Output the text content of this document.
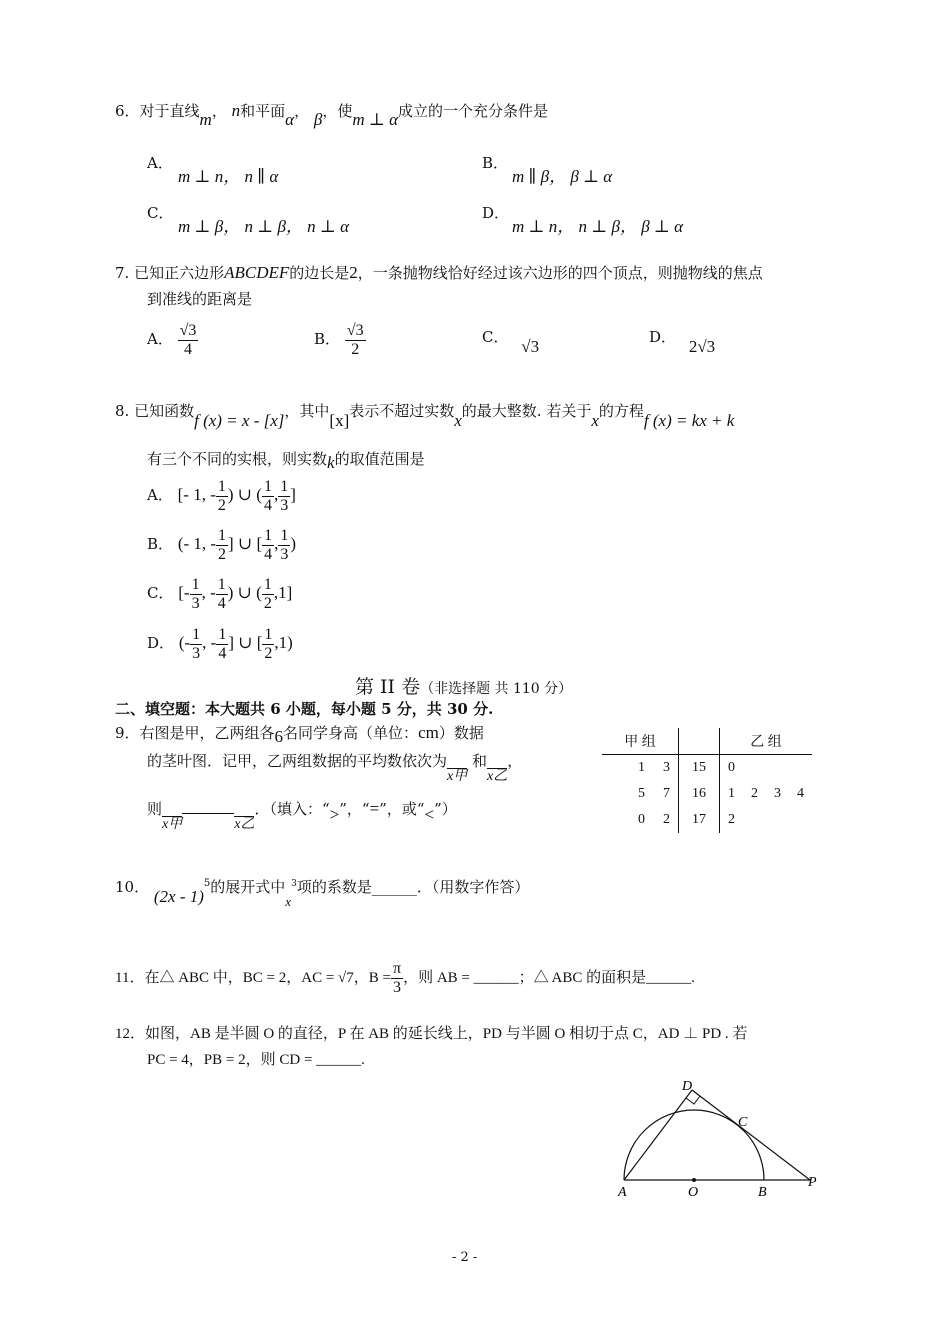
6．对于直线m， n和平面α， β，使m ⊥ α成立的一个充分条件是
A．
m ⊥ n， n ∥ α
B．
m ∥ β， β ⊥ α
C．
m ⊥ β， n ⊥ β， n ⊥ α
D．
m ⊥ n， n ⊥ β， β ⊥ α
7. 已知正六边形ABCDEF的边长是2，一条抛物线恰好经过该六边形的四个顶点，则抛物线的焦点
到准线的距离是
A． $\frac{√3}{4}$	B． $\frac{√3}{2}$	C． √3	D． 2√3
8. 已知函数f (x) = x - [x]，其中[x]表示不超过实数x的最大整数. 若关于x的方程f (x) = kx + k
有三个不同的实根，则实数k的取值范围是
A． [- 1, - $\frac{1}{2}$ ) ∪ ( $\frac{1}{4}$ , $\frac{1}{3}$ ]
B． (- 1, - $\frac{1}{2}$ ] ∪ [ $\frac{1}{4}$ , $\frac{1}{3}$ )
C． [- $\frac{1}{3}$ , - $\frac{1}{4}$ ) ∪ ( $\frac{1}{2} ,1$]
D． (- $\frac{1}{3}$ , - $\frac{1}{4}$ ] ∪ [ $\frac{1}{2} ,1$)
第 II 卷（非选择题 共 110 分）
二、填空题：本大题共 6 小题，每小题 5 分，共 30 分.
9．右图是甲，乙两组各6名同学身高（单位：cm）数据
的茎叶图．记甲，乙两组数据的平均数依次为x甲 和x乙，
则x甲	x乙．（填入：“>”，“=”，或“<”）
甲 组		乙 组
1 3	15	0
5 7	16	1 2 3 4
0 2	17	2
10． (2x - 1)$^5$的展开式中$x^3$项的系数是______．（用数字作答）
11．在△ ABC 中，BC = 2，AC = √7，$B = \frac{\pi}{3}$ ，则 AB = ______；△ ABC 的面积是______.
12．如图，AB 是半圆 O 的直径，P 在 AB 的延长线上，PD 与半圆 O 相切于点 C，AD ⊥ PD . 若
PC = 4，PB = 2，则 CD = ______.
A	O	B
P
C
D
- 2 -
